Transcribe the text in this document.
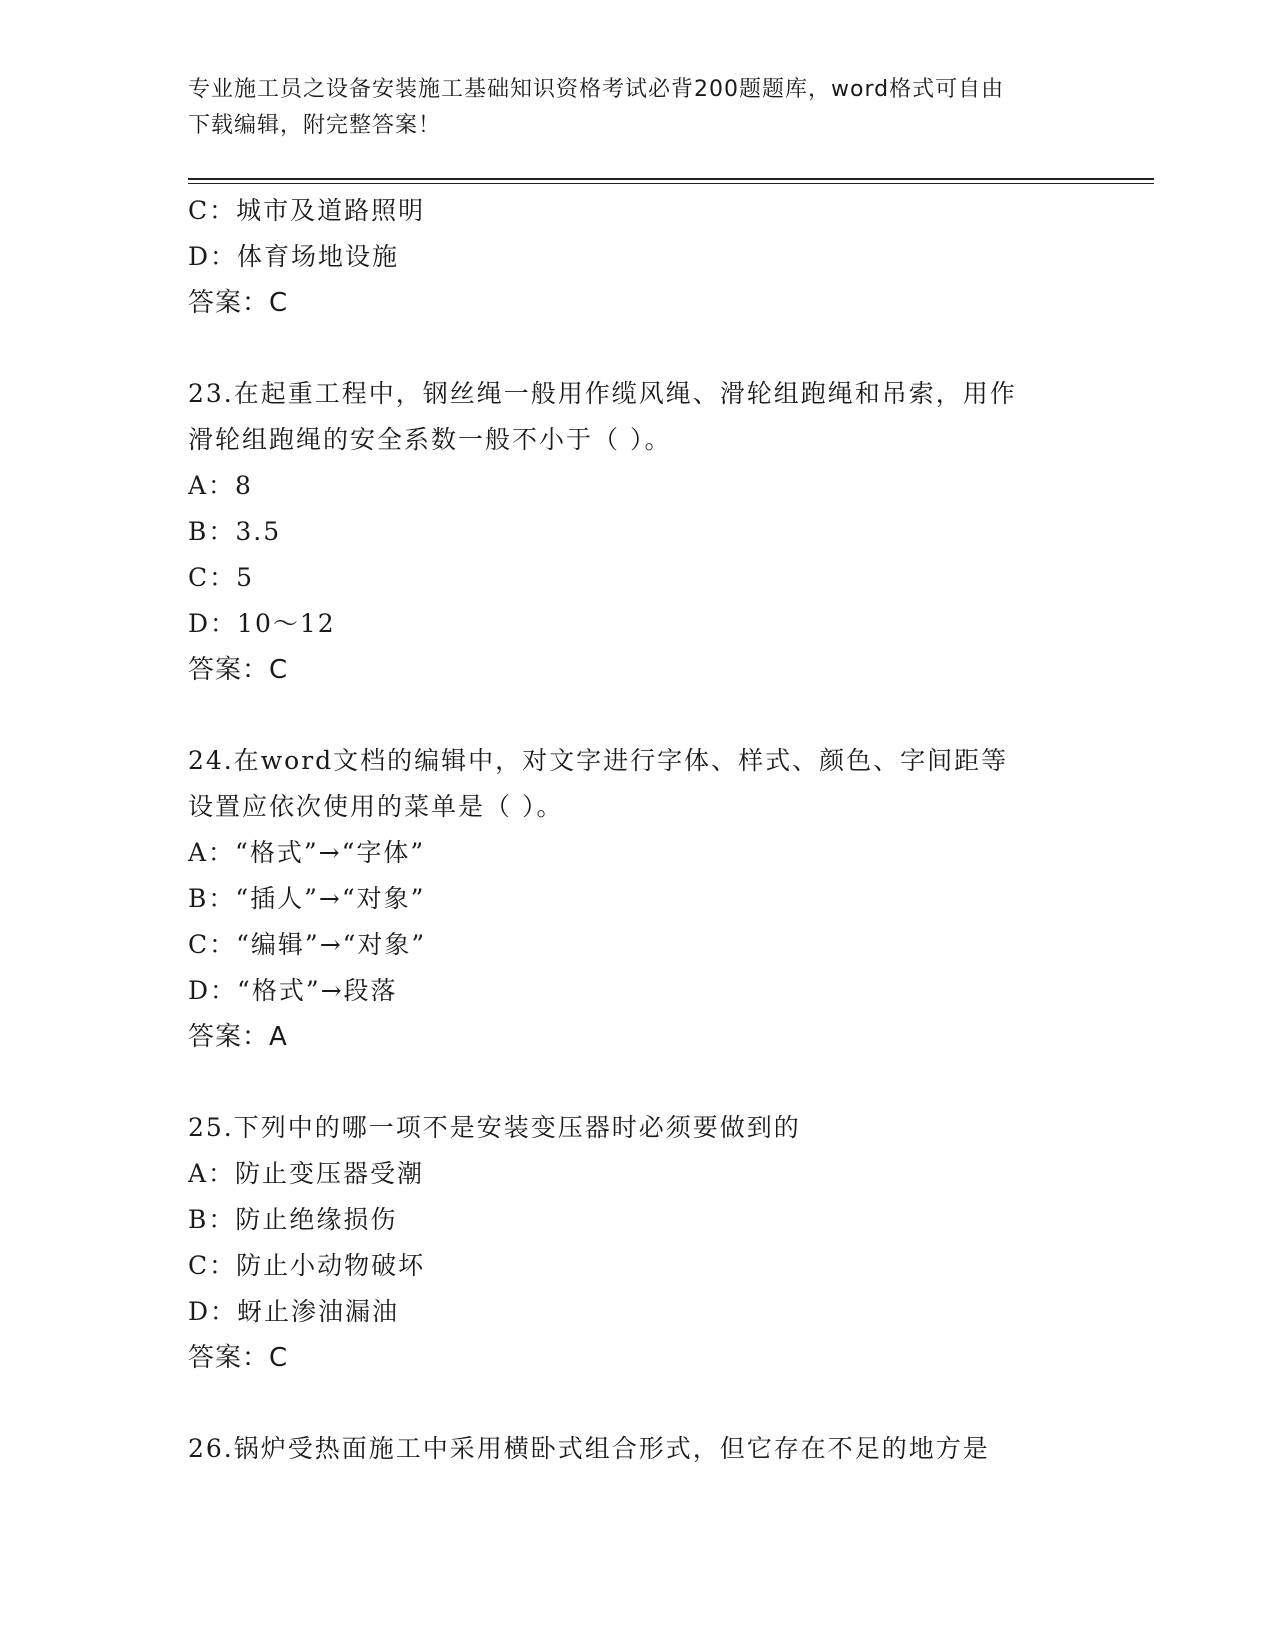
专业施工员之设备安装施工基础知识资格考试必背200题题库，word格式可自由
下载编辑，附完整答案！
C：城市及道路照明
D：体育场地设施
答案：C
23.在起重工程中，钢丝绳一般用作缆风绳、滑轮组跑绳和吊索，用作
滑轮组跑绳的安全系数一般不小于（ ）。
A：8
B：3.5
C：5
D：10～12
答案：C
24.在word文档的编辑中，对文字进行字体、样式、颜色、字间距等
设置应依次使用的菜单是（ ）。
A：“格式”→“字体”
B：“插人”→“对象”
C：“编辑”→“对象”
D：“格式”→段落
答案：A
25.下列中的哪一项不是安装变压器时必须要做到的
A：防止变压器受潮
B：防止绝缘损伤
C：防止小动物破坏
D：蚜止渗油漏油
答案：C
26.锅炉受热面施工中采用横卧式组合形式，但它存在不足的地方是
